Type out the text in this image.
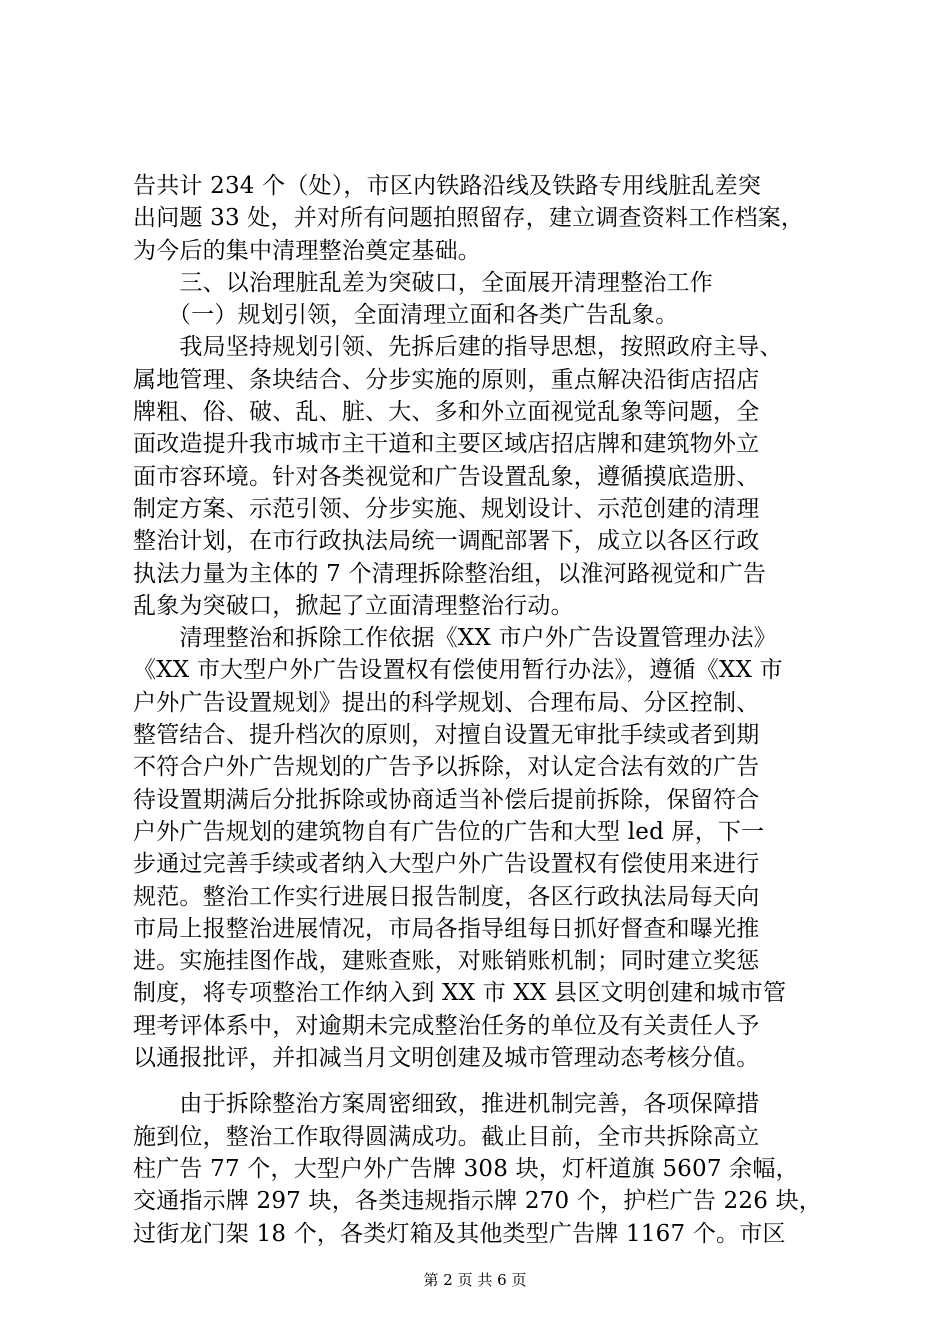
告共计 234 个（处），市区内铁路沿线及铁路专用线脏乱差突
出问题 33 处，并对所有问题拍照留存，建立调查资料工作档案，
为今后的集中清理整治奠定基础。
　　三、以治理脏乱差为突破口，全面展开清理整治工作
　　（一）规划引领，全面清理立面和各类广告乱象。
　　我局坚持规划引领、先拆后建的指导思想，按照政府主导、
属地管理、条块结合、分步实施的原则，重点解决沿街店招店
牌粗、俗、破、乱、脏、大、多和外立面视觉乱象等问题，全
面改造提升我市城市主干道和主要区域店招店牌和建筑物外立
面市容环境。针对各类视觉和广告设置乱象，遵循摸底造册、
制定方案、示范引领、分步实施、规划设计、示范创建的清理
整治计划，在市行政执法局统一调配部署下，成立以各区行政
执法力量为主体的 7 个清理拆除整治组，以淮河路视觉和广告
乱象为突破口，掀起了立面清理整治行动。
　　清理整治和拆除工作依据《XX 市户外广告设置管理办法》
《XX 市大型户外广告设置权有偿使用暂行办法》，遵循《XX 市
户外广告设置规划》提出的科学规划、合理布局、分区控制、
整管结合、提升档次的原则，对擅自设置无审批手续或者到期
不符合户外广告规划的广告予以拆除，对认定合法有效的广告
待设置期满后分批拆除或协商适当补偿后提前拆除，保留符合
户外广告规划的建筑物自有广告位的广告和大型 led 屏，下一
步通过完善手续或者纳入大型户外广告设置权有偿使用来进行
规范。整治工作实行进展日报告制度，各区行政执法局每天向
市局上报整治进展情况，市局各指导组每日抓好督查和曝光推
进。实施挂图作战，建账查账，对账销账机制；同时建立奖惩
制度，将专项整治工作纳入到 XX 市 XX 县区文明创建和城市管
理考评体系中，对逾期未完成整治任务的单位及有关责任人予
以通报批评，并扣减当月文明创建及城市管理动态考核分值。
　　由于拆除整治方案周密细致，推进机制完善，各项保障措
施到位，整治工作取得圆满成功。截止目前，全市共拆除高立
柱广告 77 个，大型户外广告牌 308 块，灯杆道旗 5607 余幅，
交通指示牌 297 块，各类违规指示牌 270 个，护栏广告 226 块，
过街龙门架 18 个，各类灯箱及其他类型广告牌 1167 个。市区
第 2 页 共 6 页
